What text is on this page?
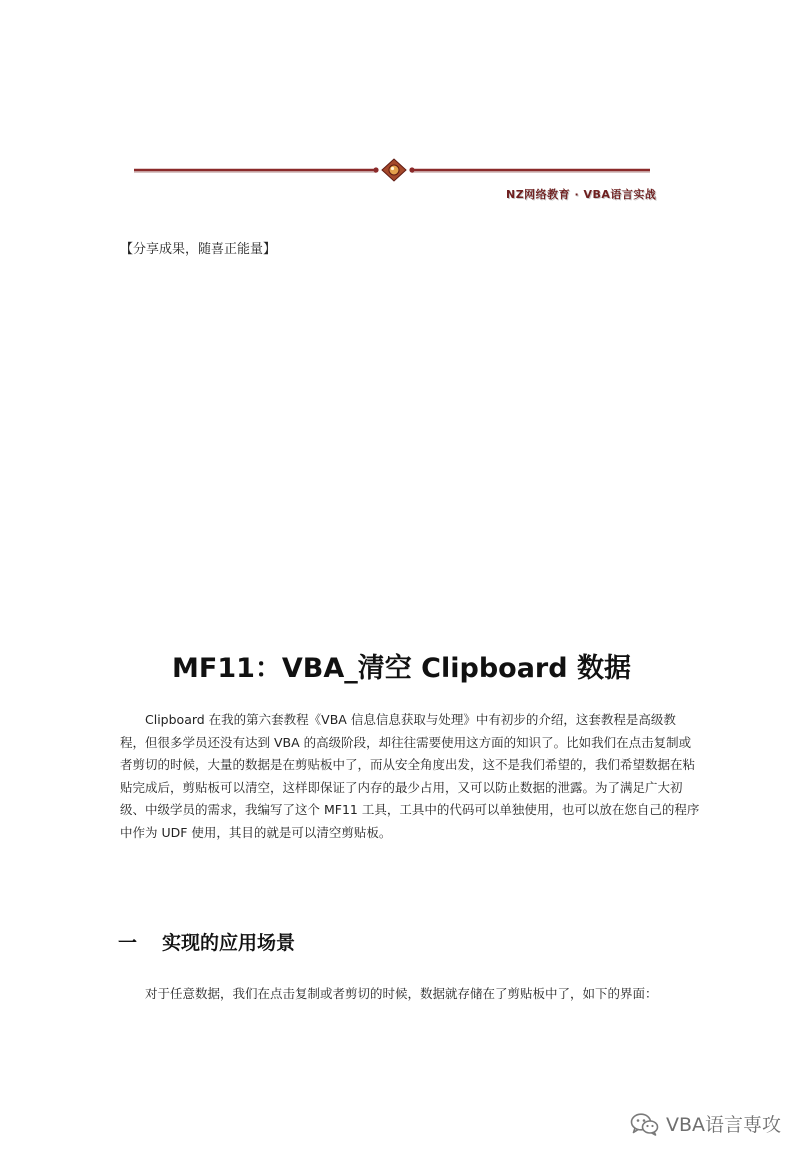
NZ网络教育 · VBA语言实战
【分享成果，随喜正能量】
MF11：VBA_清空 Clipboard 数据

Clipboard 在我的第六套教程《VBA 信息信息获取与处理》中有初步的介绍，这套教程是高级教程，但很多学员还没有达到 VBA 的高级阶段，却往往需要使用这方面的知识了。比如我们在点击复制或者剪切的时候，大量的数据是在剪贴板中了，而从安全角度出发，这不是我们希望的，我们希望数据在粘贴完成后，剪贴板可以清空，这样即保证了内存的最少占用，又可以防止数据的泄露。为了满足广大初级、中级学员的需求，我编写了这个 MF11 工具，工具中的代码可以单独使用，也可以放在您自己的程序中作为 UDF 使用，其目的就是可以清空剪贴板。

一 实现的应用场景

对于任意数据，我们在点击复制或者剪切的时候，数据就存储在了剪贴板中了，如下的界面：

VBA语言専攻
